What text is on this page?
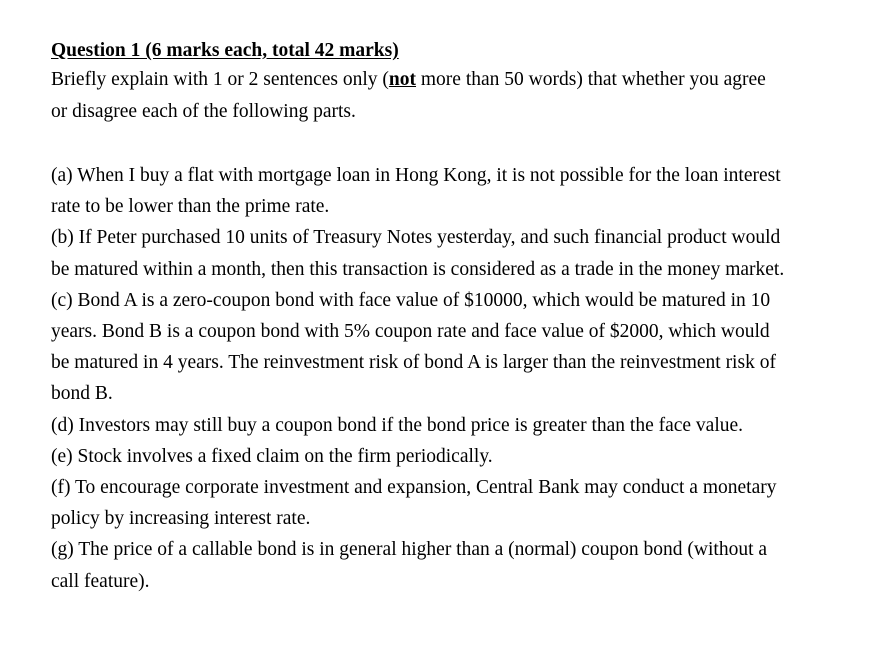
Question 1 (6 marks each, total 42 marks)

Briefly explain with 1 or 2 sentences only (not more than 50 words) that whether you agree
or disagree each of the following parts.

(a) When I buy a flat with mortgage loan in Hong Kong, it is not possible for the loan interest
rate to be lower than the prime rate.

(b) If Peter purchased 10 units of Treasury Notes yesterday, and such financial product would
be matured within a month, then this transaction is considered as a trade in the money market.

(c) Bond A is a zero-coupon bond with face value of $10000, which would be matured in 10
years. Bond B is a coupon bond with 5% coupon rate and face value of $2000, which would
be matured in 4 years. The reinvestment risk of bond A is larger than the reinvestment risk of
bond B.

(d) Investors may still buy a coupon bond if the bond price is greater than the face value.

(e) Stock involves a fixed claim on the firm periodically.

(f) To encourage corporate investment and expansion, Central Bank may conduct a monetary
policy by increasing interest rate.

(g) The price of a callable bond is in general higher than a (normal) coupon bond (without a
call feature).
